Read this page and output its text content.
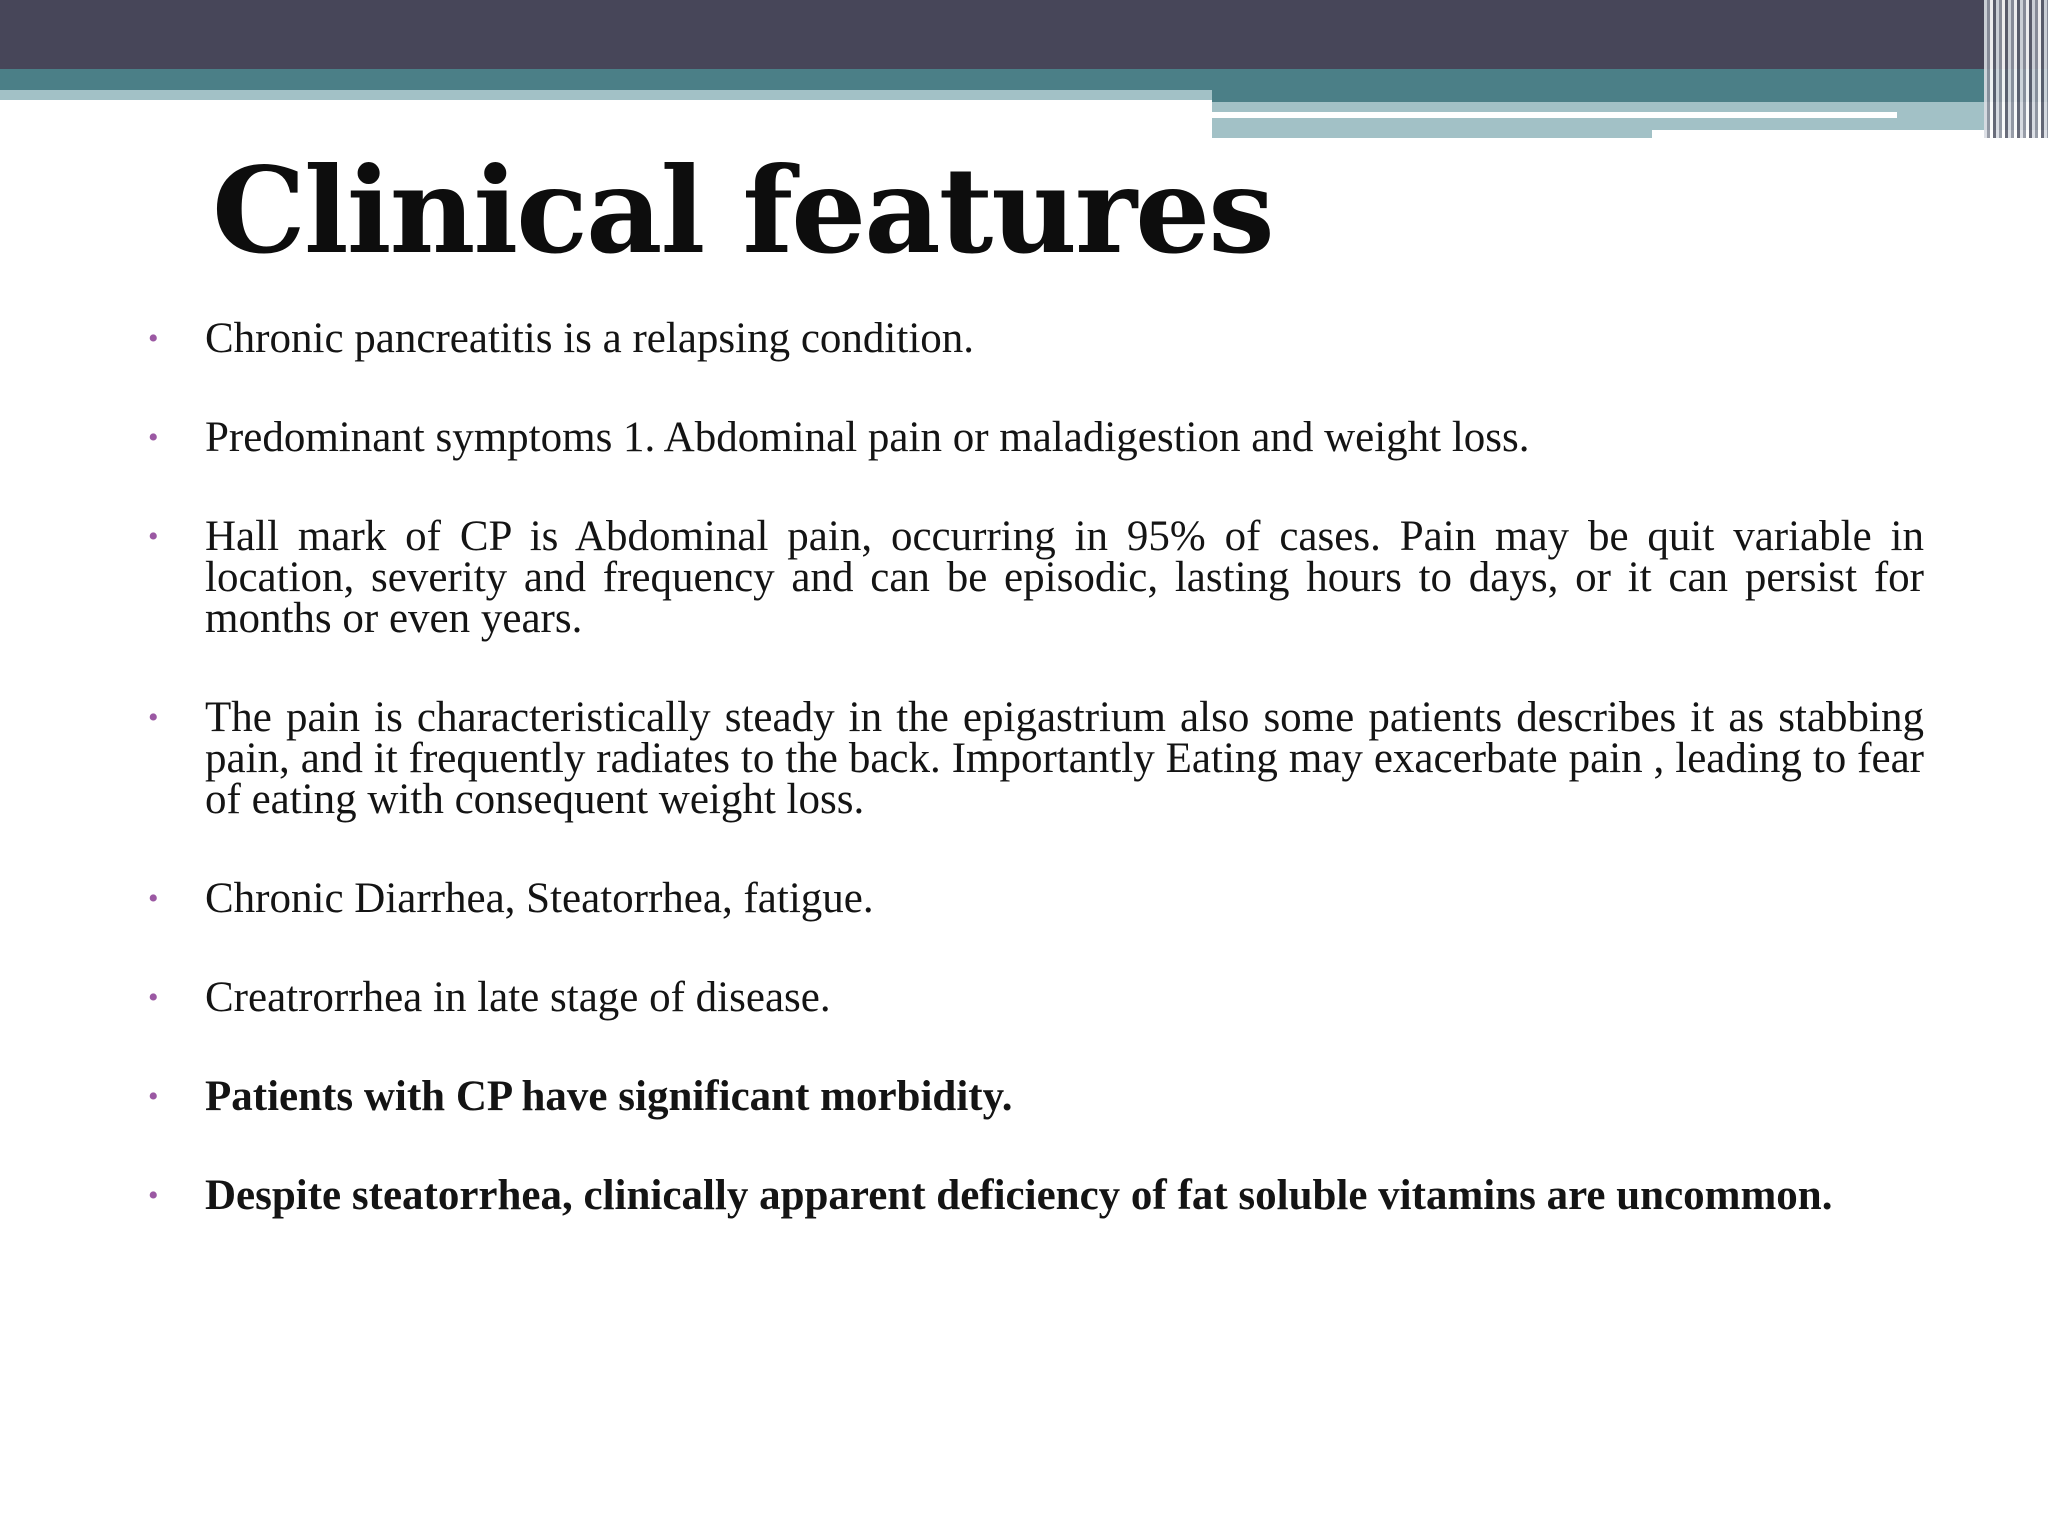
Clinical features
• Chronic pancreatitis is a relapsing condition.
• Predominant symptoms 1. Abdominal pain or maladigestion and weight loss.
• Hall mark of CP is Abdominal pain, occurring in 95% of cases. Pain may be quit variable in location, severity and frequency and can be episodic, lasting hours to days, or it can persist for months or even years.
• The pain is characteristically steady in the epigastrium also some patients describes it as stabbing pain, and it frequently radiates to the back. Importantly Eating may exacerbate pain , leading to fear of eating with consequent weight loss.
• Chronic Diarrhea, Steatorrhea, fatigue.
• Creatrorrhea in late stage of disease.
• Patients with CP have significant morbidity.
• Despite steatorrhea, clinically apparent deficiency of fat soluble vitamins are uncommon.
